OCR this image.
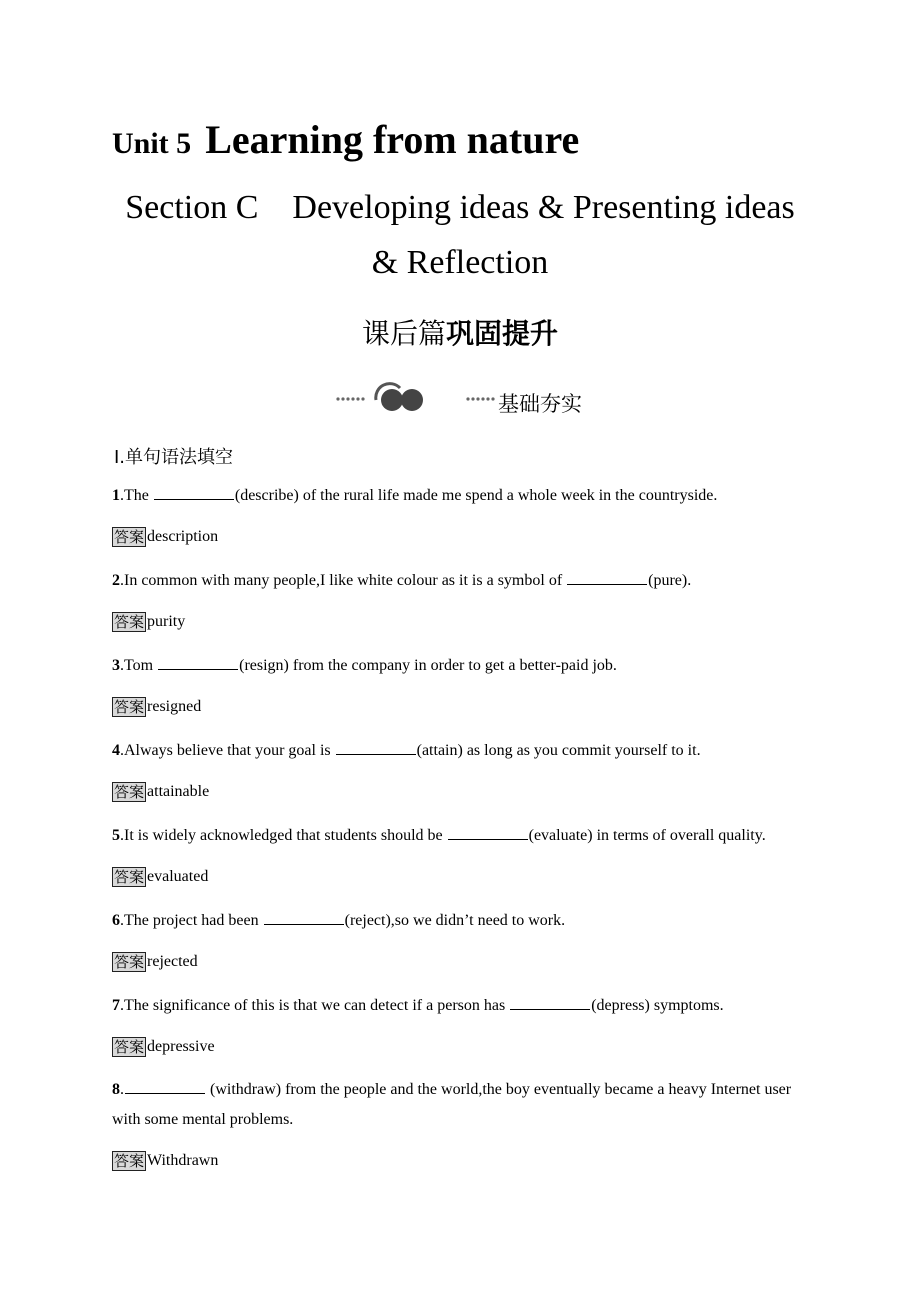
Unit 5 Learning from nature
Section C Developing ideas & Presenting ideas
& Reflection
课后篇巩固提升
基础夯实
Ⅰ.单句语法填空
1.The	(describe) of the rural life made me spend a whole week in the countryside.
答案 description
2.In common with many people,I like white colour as it is a symbol of	(pure).
答案 purity
3.Tom	(resign) from the company in order to get a better-paid job.
答案 resigned
4.Always believe that your goal is	(attain) as long as you commit yourself to it.
答案 attainable
5.It is widely acknowledged that students should be	(evaluate) in terms of overall quality.
答案 evaluated
6.The project had been	(reject),so we didn’t need to work.
答案 rejected
7.The significance of this is that we can detect if a person has	(depress) symptoms.
答案 depressive
8.	(withdraw) from the people and the world,the boy eventually became a heavy Internet user
with some mental problems.
答案 Withdrawn
